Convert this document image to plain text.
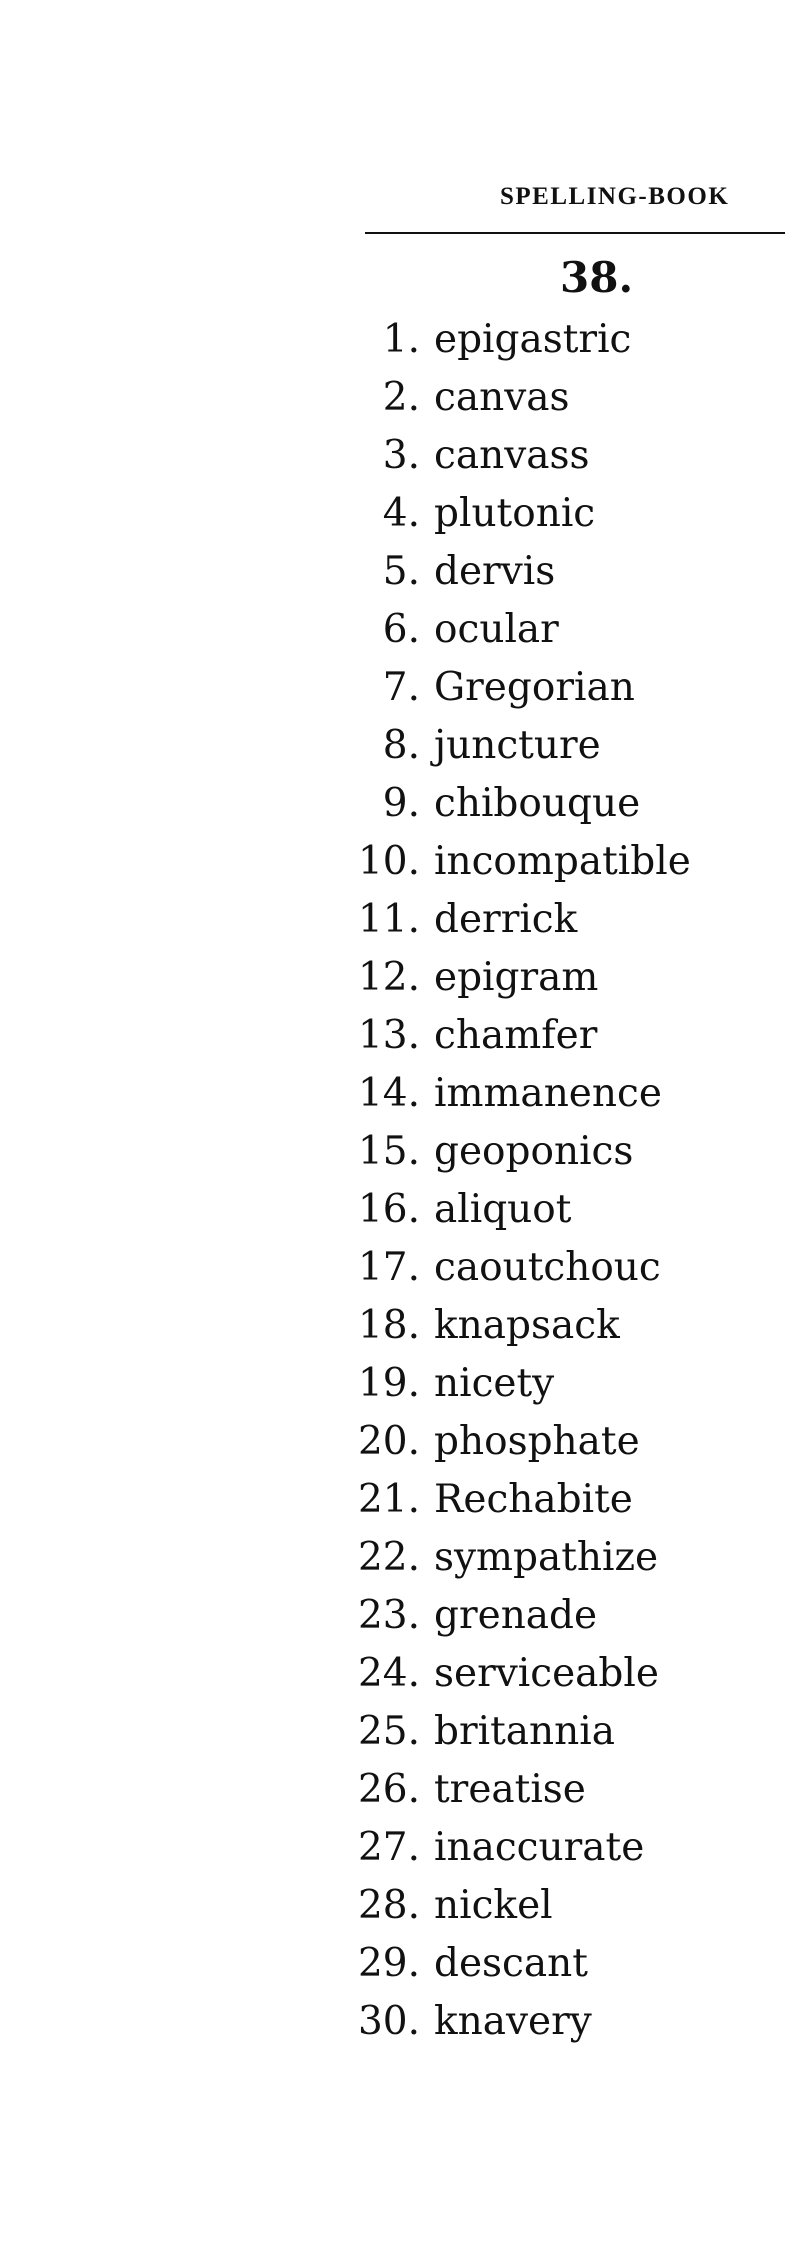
SPELLING-BOOK
38.
1. epigastric
2. canvas
3. canvass
4. plutonic
5. dervis
6. ocular
7. Gregorian
8. juncture
9. chibouque
10. incompatible
11. derrick
12. epigram
13. chamfer
14. immanence
15. geoponics
16. aliquot
17. caoutchouc
18. knapsack
19. nicety
20. phosphate
21. Rechabite
22. sympathize
23. grenade
24. serviceable
25. britannia
26. treatise
27. inaccurate
28. nickel
29. descant
30. knavery
